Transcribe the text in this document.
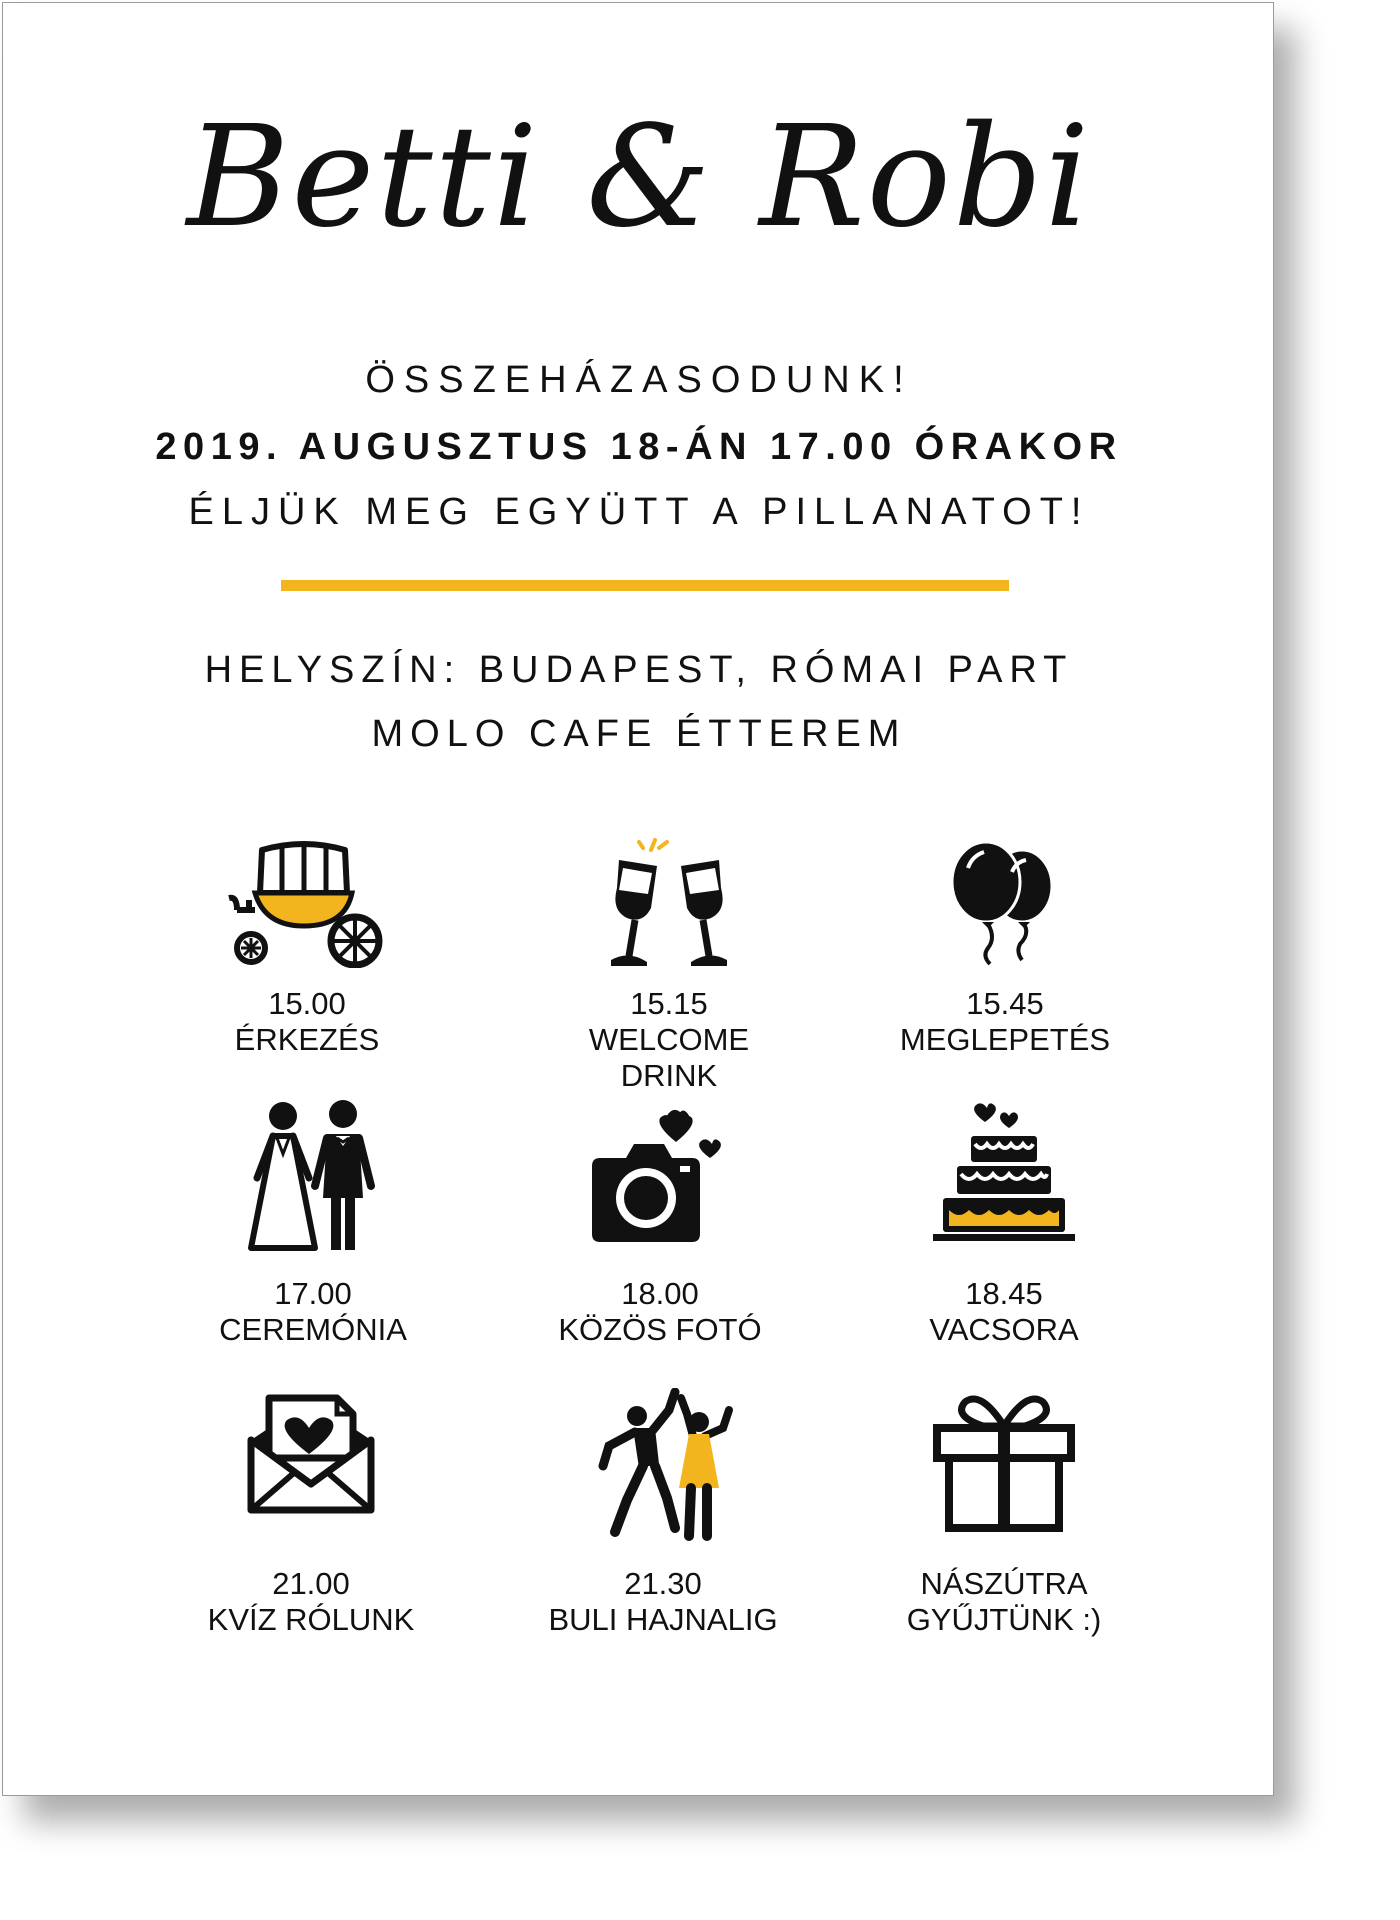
Betti & Robi
ÖSSZEHÁZASODUNK!
2019. AUGUSZTUS 18-ÁN 17.00 ÓRAKOR
ÉLJÜK MEG EGYÜTT A PILLANATOT!
HELYSZÍN: BUDAPEST, RÓMAI PART
MOLO CAFE ÉTTEREM
15.00
ÉRKEZÉS
15.15
WELCOME
DRINK
15.45
MEGLEPETÉS
17.00
CEREMÓNIA
18.00
KÖZÖS FOTÓ
18.45
VACSORA
21.00
KVÍZ RÓLUNK
21.30
BULI HAJNALIG
NÁSZÚTRA
GYŰJTÜNK :)
